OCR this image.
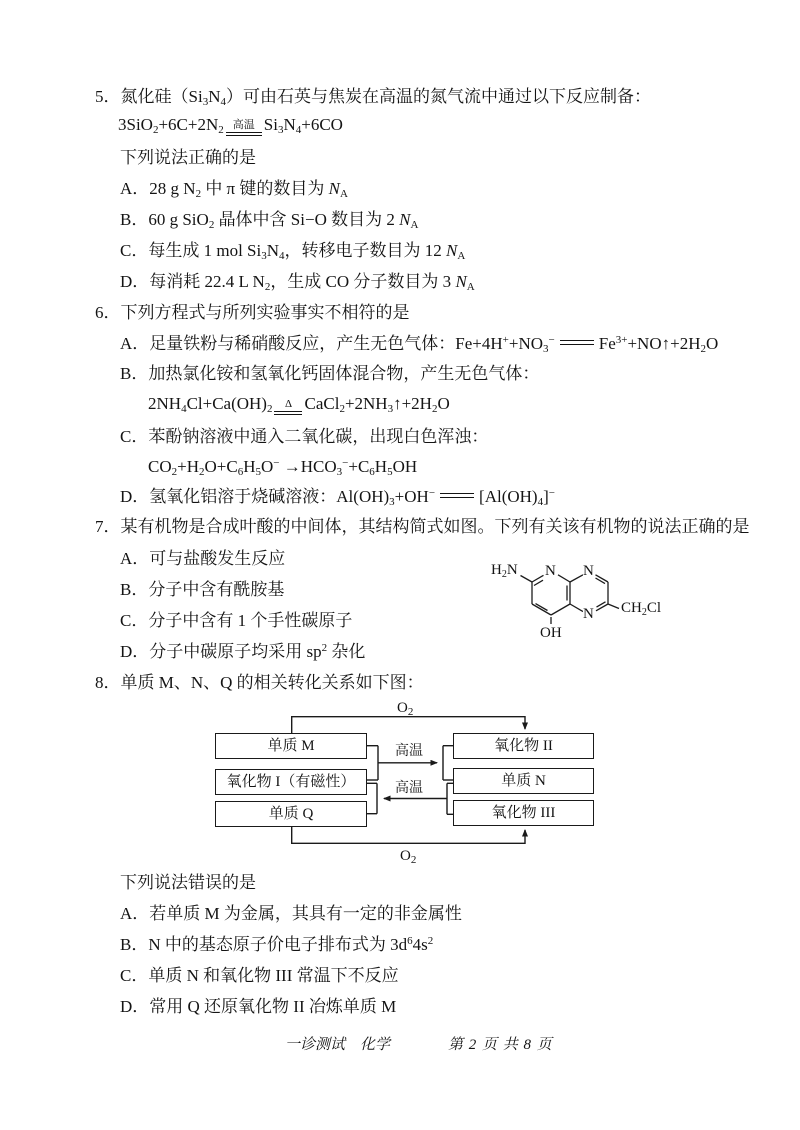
5．氮化硅$(Si_3N_4)$可由石英与焦炭在高温的氮气流中通过以下反应制备：
$3SiO_2+6C+2N_2$ 高温 $Si_3N_4+6CO$
下列说法正确的是
A．28 g $N_2$ 中 π 键的数目为 $N_A$
B．60 g SiO$_2$ 晶体中含 Si−O 数目为 2 $N_A$
C．每生成 1 mol $Si_3N_4$，转移电子数目为 12 $N_A$
D．每消耗 22.4 L $N_2$，生成 CO 分子数目为 3 $N_A$
6．下列方程式与所列实验事实不相符的是
A．足量铁粉与稀硝酸反应，产生无色气体：$Fe+4H^++NO_3^-$	$Fe^{3+}+NO↑+2H_2O$
B．加热氯化铵和氢氧化钙固体混合物，产生无色气体：
$2NH_4Cl+Ca(OH)_2$	Δ $CaCl_2+2NH_3↑+2H_2O$
C．苯酚钠溶液中通入二氧化碳，出现白色浑浊：
$CO_2+H_2O+C_6H_5O^- \to HCO_3^-+C_6H_5OH$
D．氢氧化铝溶于烧碱溶液：$Al(OH)_3+OH^-$	$[Al(OH)_4]^-$
7．某有机物是合成叶酸的中间体，其结构简式如图。下列有关该有机物的说法正确的是
A．可与盐酸发生反应
B．分子中含有酰胺基
C．分子中含有 1 个手性碳原子
D．分子中碳原子均采用 $sp^2$ 杂化
$H_2N$ N N
N
OH
$CH_2Cl$
8．单质 M、N、Q 的相关转化关系如下图：
单质 M
氧化物 I（有磁性）
单质 Q
氧化物 II
单质 N
氧化物 III
$O_2$
高温
高温
$O_2$
下列说法错误的是
A．若单质 M 为金属，其具有一定的非金属性
B．N 中的基态原子价电子排布式为 $3d^64s^2$
C．单质 N 和氧化物 III 常温下不反应
D．常用 Q 还原氧化物 II 冶炼单质 M
一诊测试　化学	第 2 页 共 8 页
